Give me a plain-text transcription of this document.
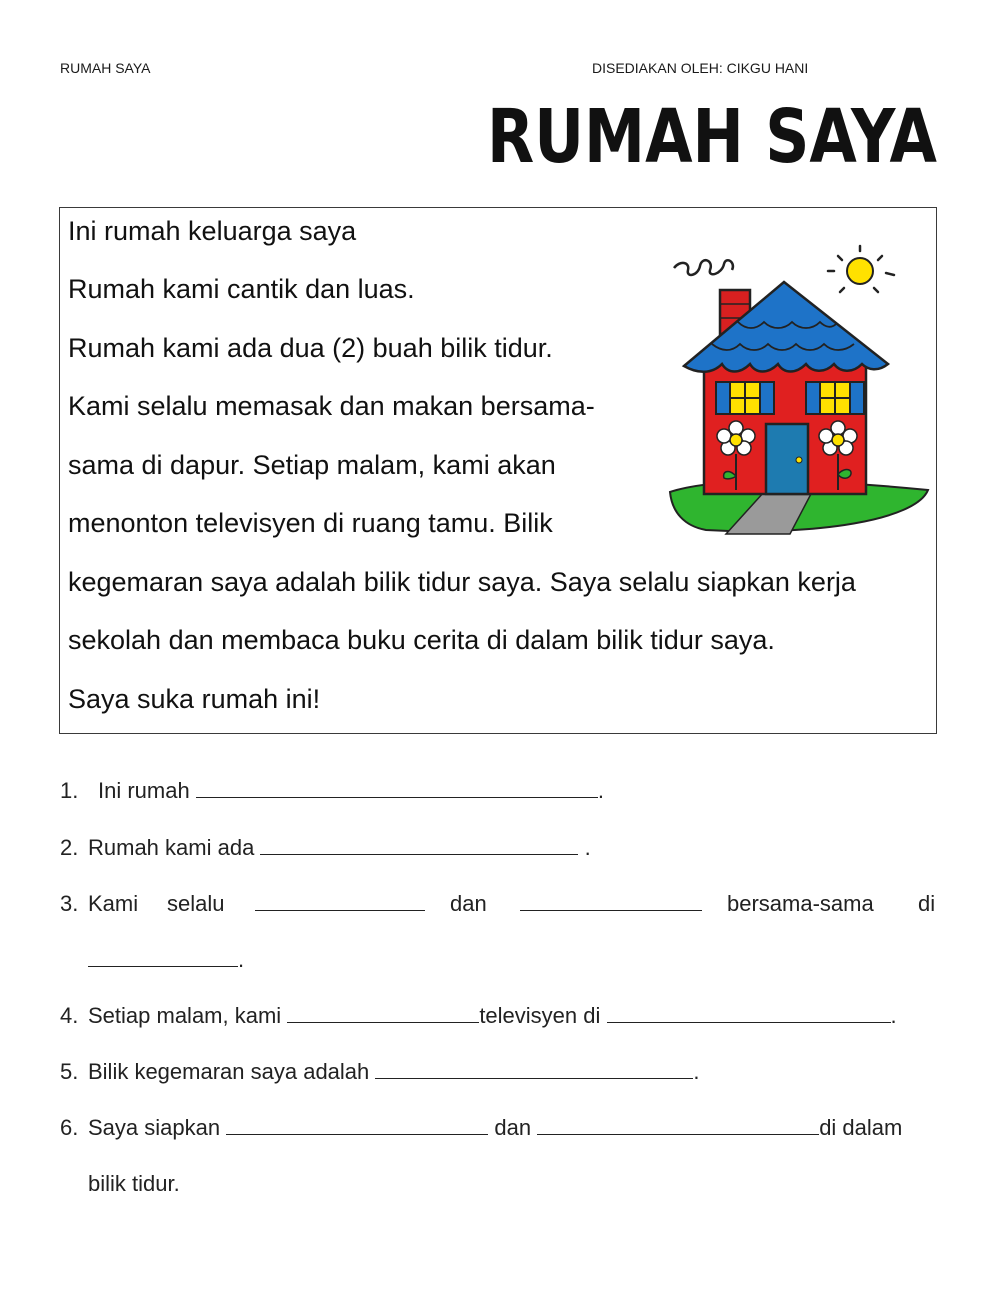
RUMAH SAYA	DISEDIAKAN OLEH: CIKGU HANI
RUMAH SAYA
Ini rumah keluarga saya
Rumah kami cantik dan luas.
Rumah kami ada dua (2) buah bilik tidur.
Kami selalu memasak dan makan bersama-
sama di dapur. Setiap malam, kami akan
menonton televisyen di ruang tamu. Bilik
kegemaran saya adalah bilik tidur saya. Saya selalu siapkan kerja
sekolah dan membaca buku cerita di dalam bilik tidur saya.
Saya suka rumah ini!
1. Ini rumah	.
2. Rumah kami ada	.
3. Kami selalu	dan	bersama-sama di
.
4. Setiap malam, kami	televisyen di	.
5. Bilik kegemaran saya adalah	.
6. Saya siapkan	dan	di dalam
bilik tidur.
